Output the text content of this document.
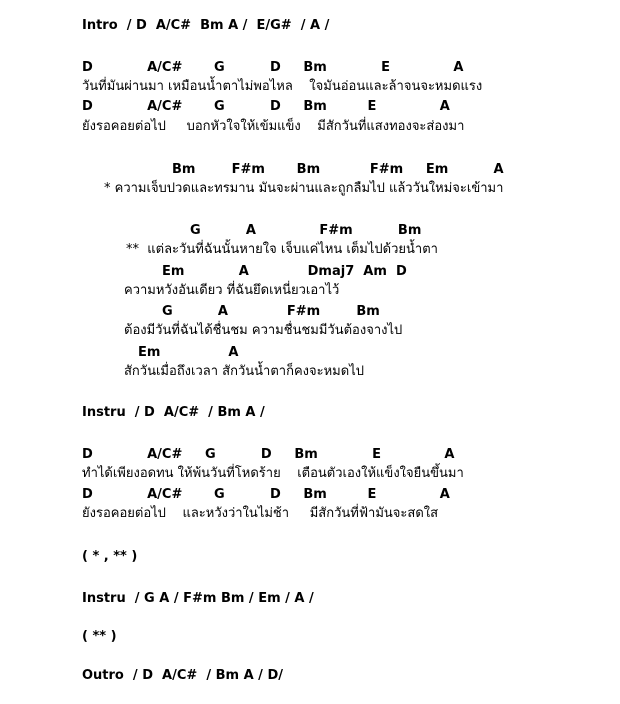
Intro  / D  A/C#  Bm A /  E/G#  / A /
D            A/C#       G          D     Bm            E              A
วันที่มันผ่านมา เหมือนน้ำตาไม่พอไหล    ใจมันอ่อนและล้าจนจะหมดแรง
D            A/C#       G          D     Bm         E              A
ยังรอคอยต่อไป     บอกหัวใจให้เข้มแข็ง    มีสักวันที่แสงทองจะส่องมา
Bm        F#m       Bm           F#m     Em          A
* ความเจ็บปวดและทรมาน มันจะผ่านและถูกลืมไป แล้ววันใหม่จะเข้ามา
G          A              F#m          Bm
**  แต่ละวันที่ฉันนั้นหายใจ เจ็บแค่ไหน เต็มไปด้วยน้ำตา
Em            A             Dmaj7  Am  D
ความหวังอันเดียว ที่ฉันยึดเหนี่ยวเอาไว้
G          A             F#m        Bm
ต้องมีวันที่ฉันได้ชื่นชม ความชื่นชมมีวันต้องจางไป
Em               A
สักวันเมื่อถึงเวลา สักวันน้ำตาก็คงจะหมดไป
Instru  / D  A/C#  / Bm A /
D            A/C#     G          D     Bm            E              A
ทำได้เพียงอดทน ให้พ้นวันที่โหดร้าย    เตือนตัวเองให้แข็งใจยืนขึ้นมา
D            A/C#       G          D     Bm         E              A
ยังรอคอยต่อไป    และหวังว่าในไม่ช้า     มีสักวันที่ฟ้ามันจะสดใส
( * , ** )
Instru  / G A / F#m Bm / Em / A /
( ** )
Outro  / D  A/C#  / Bm A / D/
